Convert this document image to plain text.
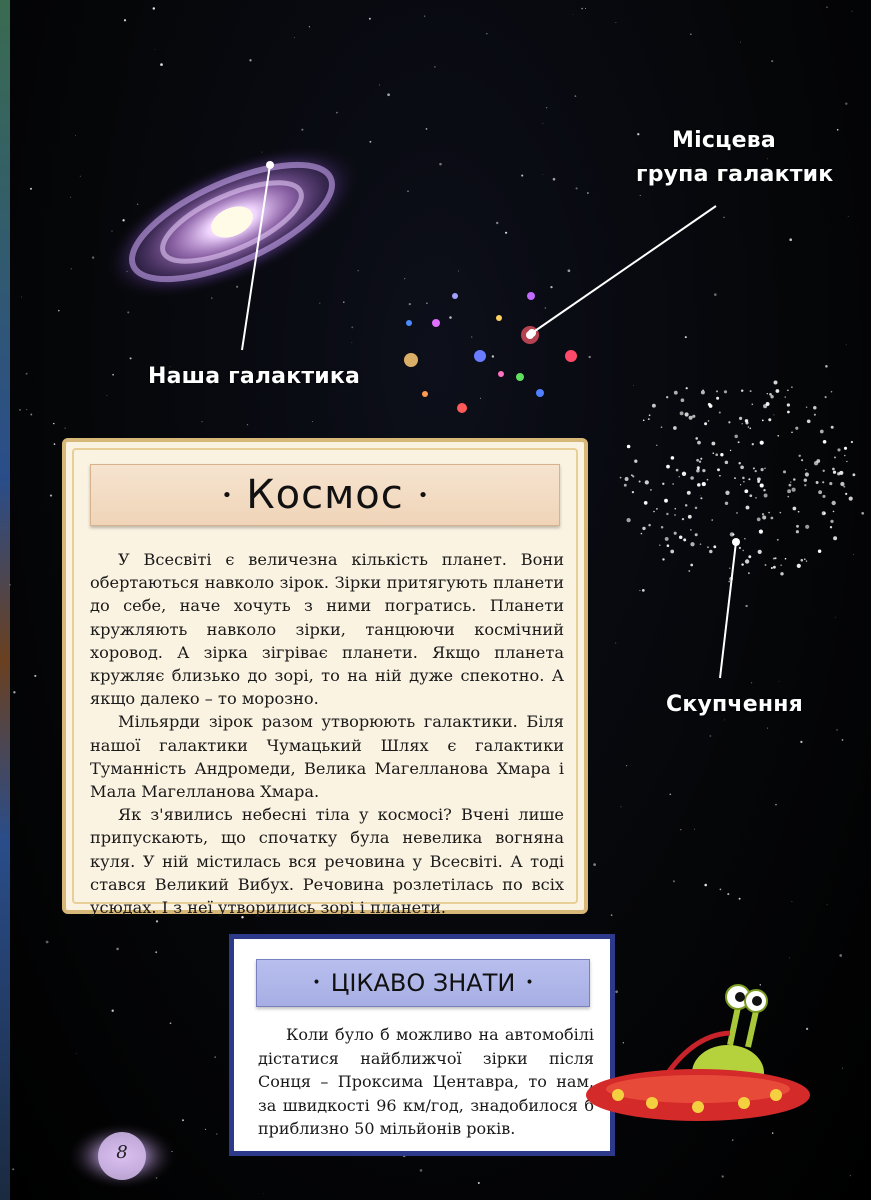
Наша галактика
Місцева
група галактик
Скупчення
• Космос •

У Всесвіті є величезна кількість планет. Вони обертаються навколо зірок. Зірки притягують планети до себе, наче хочуть з ними погратись. Планети кружляють навколо зірки, танцюючи космічний хоровод. А зірка зігріває планети. Якщо планета кружляє близько до зорі, то на ній дуже спекотно. А якщо далеко – то морозно.

Мільярди зірок разом утворюють галактики. Біля нашої галактики Чумацький Шлях є галактики Туманність Андромеди, Велика Магелланова Хмара і Мала Магелланова Хмара.

Як з'явились небесні тіла у космосі? Вчені лише припускають, що спочатку була невелика вогняна куля. У ній містилась вся речовина у Всесвіті. А тоді стався Великий Вибух. Речовина розлетілась по всіх усюдах. І з неї утворились зорі і планети.

• ЦІКАВО ЗНАТИ •

Коли було б можливо на автомобілі дістатися найближчої зірки після Сонця – Проксима Центавра, то нам, за швидкості 96 км/год, знадобилося б приблизно 50 мільйонів років.

8
